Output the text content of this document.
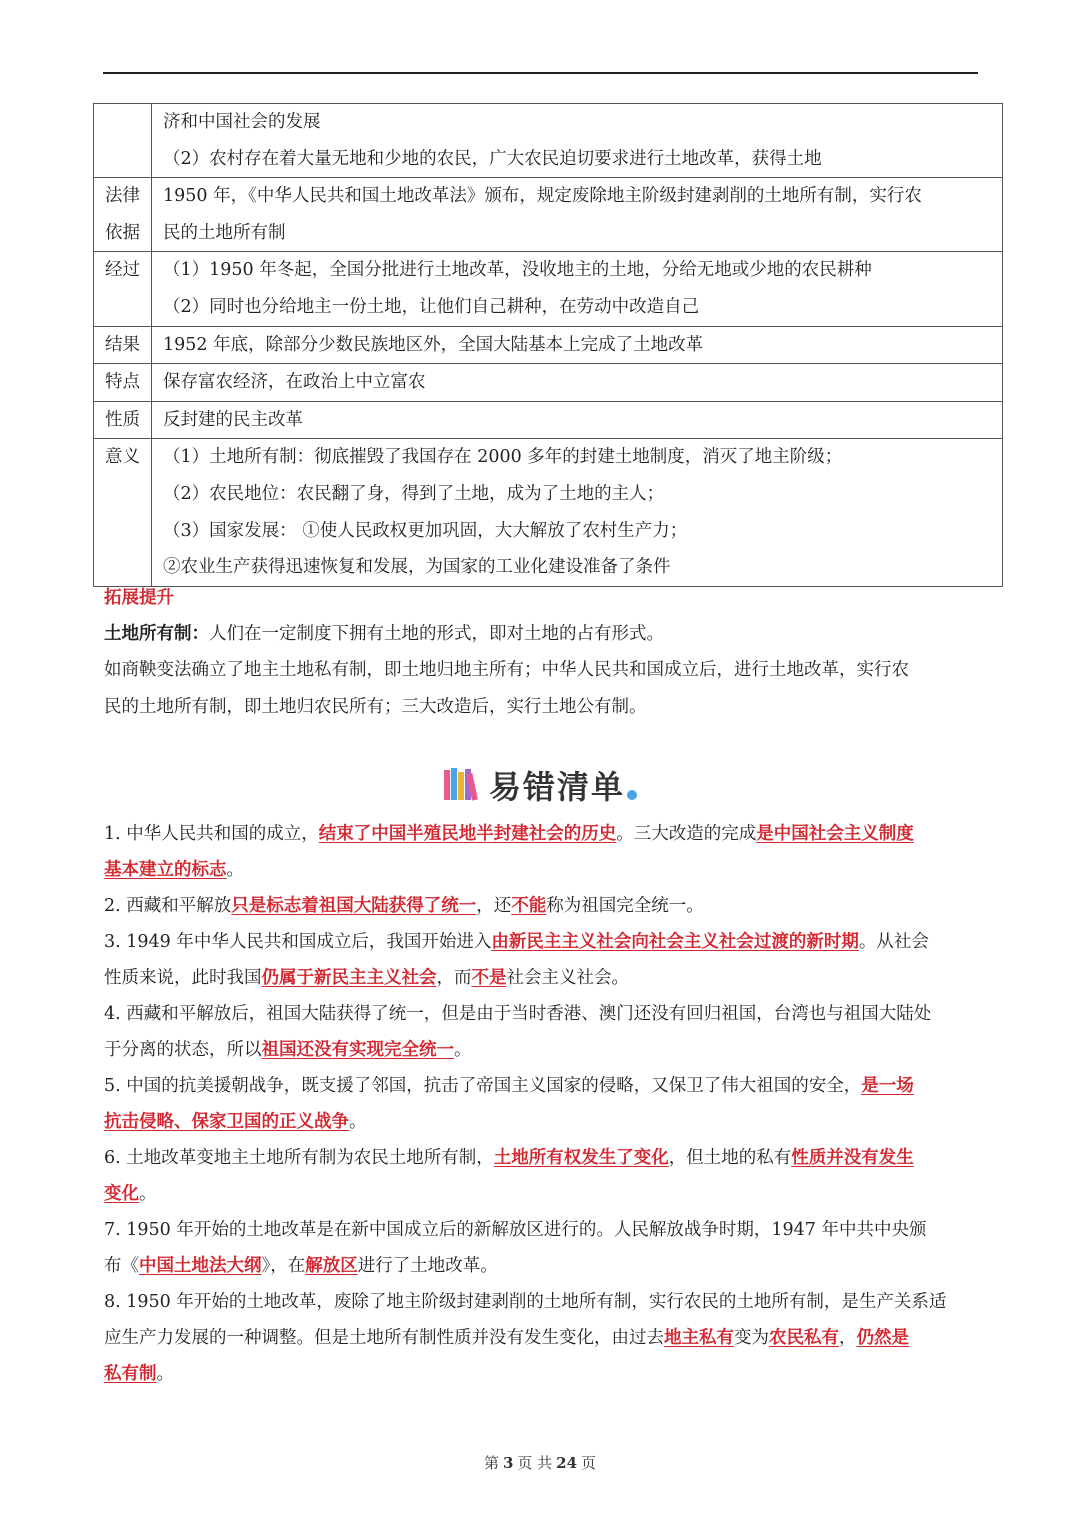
	济和中国社会的发展
（2）农村存在着大量无地和少地的农民，广大农民迫切要求进行土地改革，获得土地

法律
依据	1950 年，《中华人民共和国土地改革法》颁布，规定废除地主阶级封建剥削的土地所有制，实行农
民的土地所有制

经过	（1）1950 年冬起，全国分批进行土地改革，没收地主的土地，分给无地或少地的农民耕种
（2）同时也分给地主一份土地，让他们自己耕种，在劳动中改造自己

结果	1952 年底，除部分少数民族地区外，全国大陆基本上完成了土地改革

特点	保存富农经济，在政治上中立富农

性质	反封建的民主改革

意义	（1）土地所有制：彻底摧毁了我国存在 2000 多年的封建土地制度，消灭了地主阶级；
（2）农民地位：农民翻了身，得到了土地，成为了土地的主人；
（3）国家发展： ①使人民政权更加巩固，大大解放了农村生产力；
②农业生产获得迅速恢复和发展，为国家的工业化建设准备了条件
拓展提升
土地所有制：人们在一定制度下拥有土地的形式，即对土地的占有形式。
如商鞅变法确立了地主土地私有制，即土地归地主所有；中华人民共和国成立后，进行土地改革，实行农
民的土地所有制，即土地归农民所有；三大改造后，实行土地公有制。
易错清单
1. 中华人民共和国的成立，结束了中国半殖民地半封建社会的历史。三大改造的完成是中国社会主义制度
基本建立的标志。
2. 西藏和平解放只是标志着祖国大陆获得了统一，还不能称为祖国完全统一。
3. 1949 年中华人民共和国成立后，我国开始进入由新民主主义社会向社会主义社会过渡的新时期。从社会
性质来说，此时我国仍属于新民主主义社会，而不是社会主义社会。
4. 西藏和平解放后，祖国大陆获得了统一，但是由于当时香港、澳门还没有回归祖国，台湾也与祖国大陆处
于分离的状态，所以祖国还没有实现完全统一。
5. 中国的抗美援朝战争，既支援了邻国，抗击了帝国主义国家的侵略，又保卫了伟大祖国的安全，是一场
抗击侵略、保家卫国的正义战争。
6. 土地改革变地主土地所有制为农民土地所有制，土地所有权发生了变化，但土地的私有性质并没有发生
变化。
7. 1950 年开始的土地改革是在新中国成立后的新解放区进行的。人民解放战争时期，1947 年中共中央颁
布《中国土地法大纲》，在解放区进行了土地改革。
8. 1950 年开始的土地改革，废除了地主阶级封建剥削的土地所有制，实行农民的土地所有制，是生产关系适
应生产力发展的一种调整。但是土地所有制性质并没有发生变化，由过去地主私有变为农民私有，仍然是
私有制。
第 3 页 共 24 页
